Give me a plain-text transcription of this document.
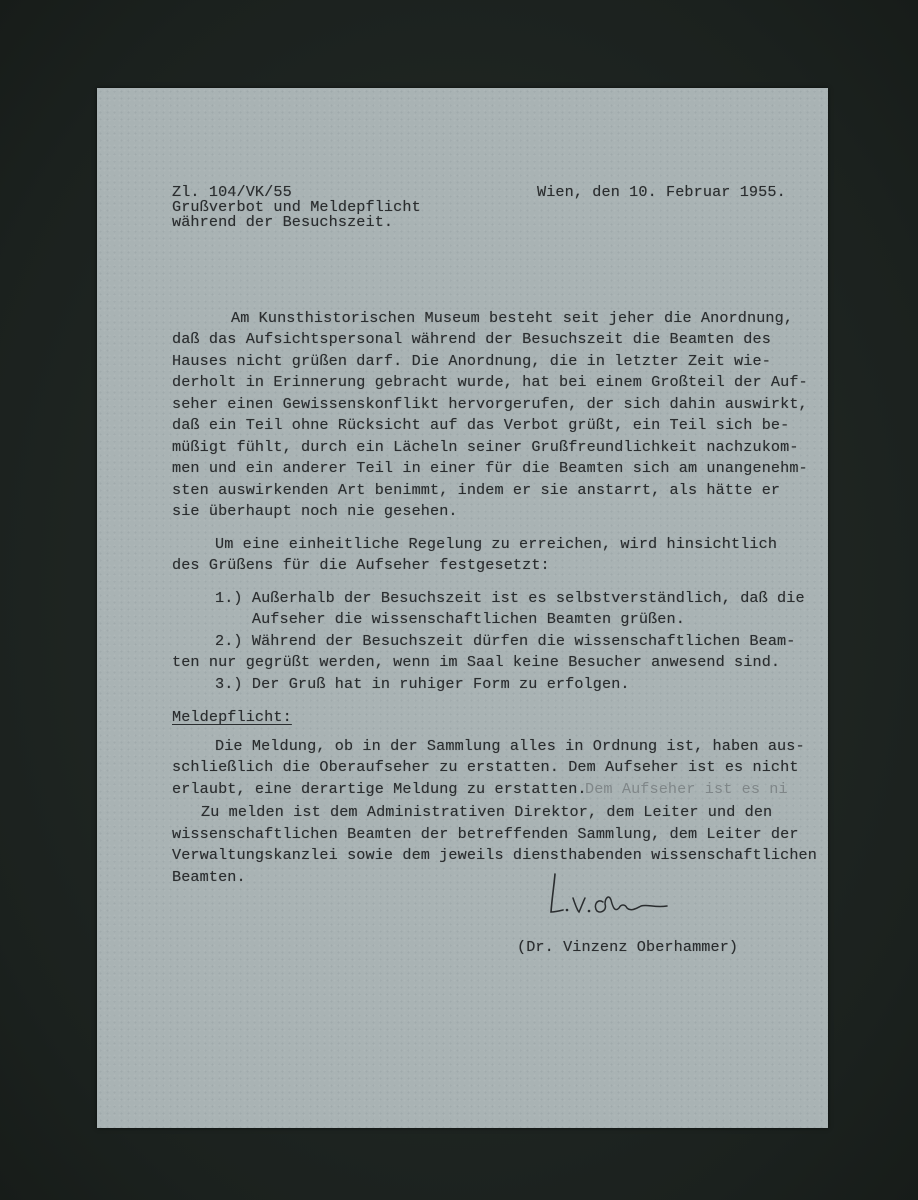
Zl. 104/VK/55	Wien, den 10. Februar 1955.
Grußverbot und Meldepflicht
während der Besuchszeit.
Am Kunsthistorischen Museum besteht seit jeher die Anordnung,
daß das Aufsichtspersonal während der Besuchszeit die Beamten des
Hauses nicht grüßen darf. Die Anordnung, die in letzter Zeit wie-
derholt in Erinnerung gebracht wurde, hat bei einem Großteil der Auf-
seher einen Gewissenskonflikt hervorgerufen, der sich dahin auswirkt,
daß ein Teil ohne Rücksicht auf das Verbot grüßt, ein Teil sich be-
müßigt fühlt, durch ein Lächeln seiner Grußfreundlichkeit nachzukom-
men und ein anderer Teil in einer für die Beamten sich am unangenehm-
sten auswirkenden Art benimmt, indem er sie anstarrt, als hätte er
sie überhaupt noch nie gesehen.
Um eine einheitliche Regelung zu erreichen, wird hinsichtlich
des Grüßens für die Aufseher festgesetzt:
1.) Außerhalb der Besuchszeit ist es selbstverständlich, daß die
Aufseher die wissenschaftlichen Beamten grüßen.
2.) Während der Besuchszeit dürfen die wissenschaftlichen Beam-
ten nur gegrüßt werden, wenn im Saal keine Besucher anwesend sind.
3.) Der Gruß hat in ruhiger Form zu erfolgen.
Meldepflicht:
Die Meldung, ob in der Sammlung alles in Ordnung ist, haben aus-
schließlich die Oberaufseher zu erstatten. Dem Aufseher ist es nicht
erlaubt, eine derartige Meldung zu erstatten.
Dem Aufseher ist es ni
Zu melden ist dem Administrativen Direktor, dem Leiter und den
wissenschaftlichen Beamten der betreffenden Sammlung, dem Leiter der
Verwaltungskanzlei sowie dem jeweils diensthabenden wissenschaftlichen
Beamten.
(Dr. Vinzenz Oberhammer)
